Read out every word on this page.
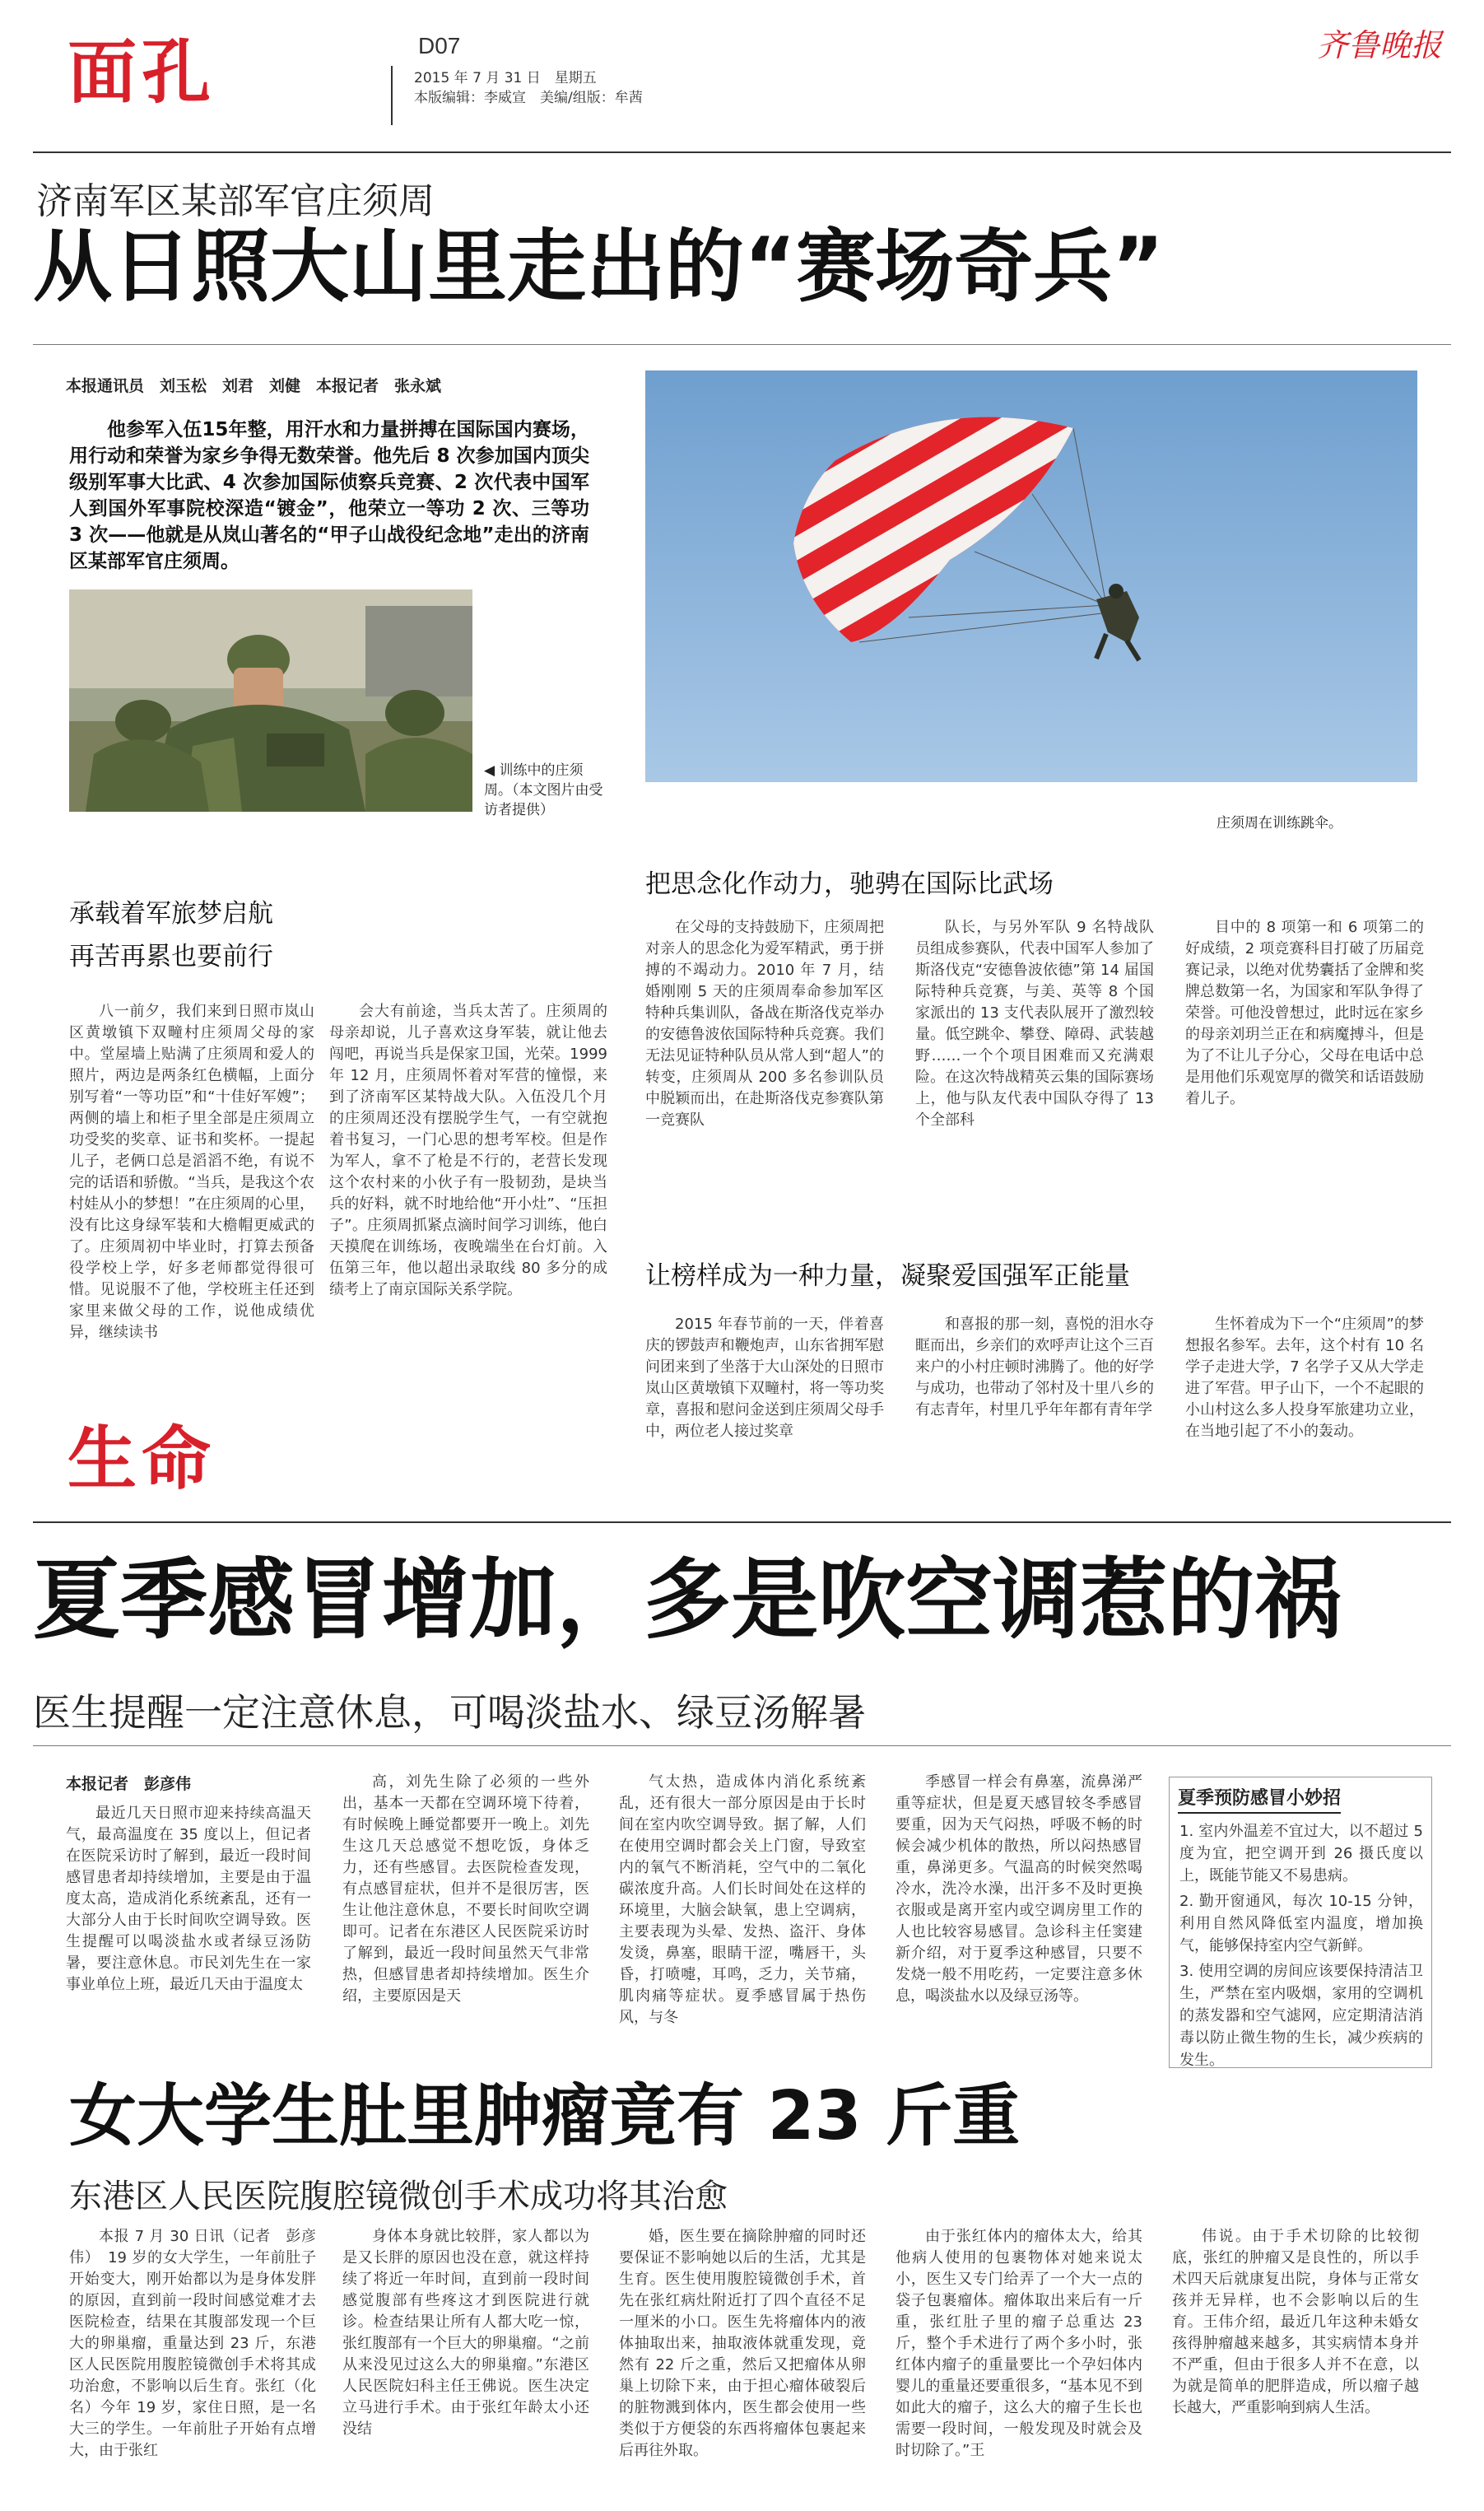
面孔	D07
2015 年 7 月 31 日　星期五
本版编辑：李威宣　美编/组版：牟茜
齐鲁晚报
济南军区某部军官庄须周
从日照大山里走出的“赛场奇兵”
本报通讯员　刘玉松　刘君　刘健　本报记者　张永斌
他参军入伍15年整，用汗水和力量拼搏在国际国内赛场，用行动和荣誉为家乡争得无数荣誉。他先后 8 次参加国内顶尖级别军事大比武、4 次参加国际侦察兵竞赛、2 次代表中国军人到国外军事院校深造“镀金”，他荣立一等功 2 次、三等功 3 次——他就是从岚山著名的“甲子山战役纪念地”走出的济南区某部军官庄须周。
◀ 训练中的庄须周。（本文图片由受访者提供）
庄须周在训练跳伞。
承载着军旅梦启航
再苦再累也要前行
八一前夕，我们来到日照市岚山区黄墩镇下双疃村庄须周父母的家中。堂屋墙上贴满了庄须周和爱人的照片，两边是两条红色横幅，上面分别写着“一等功臣”和“十佳好军嫂”；两侧的墙上和柜子里全部是庄须周立功受奖的奖章、证书和奖杯。一提起儿子，老俩口总是滔滔不绝，有说不完的话语和骄傲。“当兵，是我这个农村娃从小的梦想！”在庄须周的心里，没有比这身绿军装和大檐帽更威武的了。庄须周初中毕业时，打算去预备役学校上学，好多老师都觉得很可惜。见说服不了他，学校班主任还到家里来做父母的工作，说他成绩优异，继续读书
会大有前途，当兵太苦了。庄须周的母亲却说，儿子喜欢这身军装，就让他去闯吧，再说当兵是保家卫国，光荣。1999 年 12 月，庄须周怀着对军营的憧憬，来到了济南军区某特战大队。入伍没几个月的庄须周还没有摆脱学生气，一有空就抱着书复习，一门心思的想考军校。但是作为军人，拿不了枪是不行的，老营长发现这个农村来的小伙子有一股韧劲，是块当兵的好料，就不时地给他“开小灶”、“压担子”。庄须周抓紧点滴时间学习训练，他白天摸爬在训练场，夜晚端坐在台灯前。入伍第三年，他以超出录取线 80 多分的成绩考上了南京国际关系学院。
把思念化作动力，驰骋在国际比武场
在父母的支持鼓励下，庄须周把对亲人的思念化为爱军精武，勇于拼搏的不竭动力。2010 年 7 月，结婚刚刚 5 天的庄须周奉命参加军区特种兵集训队，备战在斯洛伐克举办的安德鲁波依国际特种兵竞赛。我们无法见证特种队员从常人到“超人”的转变，庄须周从 200 多名参训队员中脱颖而出，在赴斯洛伐克参赛队第一竞赛队
队长，与另外军队 9 名特战队员组成参赛队，代表中国军人参加了斯洛伐克“安德鲁波依德”第 14 届国际特种兵竞赛，与美、英等 8 个国家派出的 13 支代表队展开了激烈较量。低空跳伞、攀登、障碍、武装越野……一个个项目困难而又充满艰险。在这次特战精英云集的国际赛场上，他与队友代表中国队夺得了 13 个全部科
目中的 8 项第一和 6 项第二的好成绩，2 项竞赛科目打破了历届竞赛记录，以绝对优势囊括了金牌和奖牌总数第一名，为国家和军队争得了荣誉。可他没曾想过，此时远在家乡的母亲刘玥兰正在和病魔搏斗，但是为了不让儿子分心，父母在电话中总是用他们乐观宽厚的微笑和话语鼓励着儿子。
让榜样成为一种力量，凝聚爱国强军正能量
2015 年春节前的一天，伴着喜庆的锣鼓声和鞭炮声，山东省拥军慰问团来到了坐落于大山深处的日照市岚山区黄墩镇下双疃村，将一等功奖章，喜报和慰问金送到庄须周父母手中，两位老人接过奖章
和喜报的那一刻，喜悦的泪水夺眶而出，乡亲们的欢呼声让这个三百来户的小村庄顿时沸腾了。他的好学与成功，也带动了邻村及十里八乡的有志青年，村里几乎年年都有青年学
生怀着成为下一个“庄须周”的梦想报名参军。去年，这个村有 10 名学子走进大学，7 名学子又从大学走进了军营。甲子山下，一个不起眼的小山村这么多人投身军旅建功立业，在当地引起了不小的轰动。
生命
夏季感冒增加，多是吹空调惹的祸
医生提醒一定注意休息，可喝淡盐水、绿豆汤解暑
本报记者　彭彦伟
最近几天日照市迎来持续高温天气，最高温度在 35 度以上，但记者在医院采访时了解到，最近一段时间感冒患者却持续增加，主要是由于温度太高，造成消化系统紊乱，还有一大部分人由于长时间吹空调导致。医生提醒可以喝淡盐水或者绿豆汤防暑，要注意休息。市民刘先生在一家事业单位上班，最近几天由于温度太
高，刘先生除了必须的一些外出，基本一天都在空调环境下待着，有时候晚上睡觉都要开一晚上。刘先生这几天总感觉不想吃饭，身体乏力，还有些感冒。去医院检查发现，有点感冒症状，但并不是很厉害，医生让他注意休息，不要长时间吹空调即可。记者在东港区人民医院采访时了解到，最近一段时间虽然天气非常热，但感冒患者却持续增加。医生介绍，主要原因是天
气太热，造成体内消化系统紊乱，还有很大一部分原因是由于长时间在室内吹空调导致。据了解，人们在使用空调时都会关上门窗，导致室内的氧气不断消耗，空气中的二氧化碳浓度升高。人们长时间处在这样的环境里，大脑会缺氧，患上空调病，主要表现为头晕、发热、盗汗、身体发烫，鼻塞，眼睛干涩，嘴唇干，头昏，打喷嚏，耳鸣，乏力，关节痛，肌肉痛等症状。夏季感冒属于热伤风，与冬
季感冒一样会有鼻塞，流鼻涕严重等症状，但是夏天感冒较冬季感冒要重，因为天气闷热，呼吸不畅的时候会减少机体的散热，所以闷热感冒重，鼻涕更多。气温高的时候突然喝冷水，洗冷水澡，出汗多不及时更换衣服或是离开室内或空调房里工作的人也比较容易感冒。急诊科主任窦建新介绍，对于夏季这种感冒，只要不发烧一般不用吃药，一定要注意多休息，喝淡盐水以及绿豆汤等。
夏季预防感冒小妙招
1. 室内外温差不宜过大，以不超过 5 度为宜，把空调开到 26 摄氏度以上，既能节能又不易患病。
2. 勤开窗通风，每次 10-15 分钟，利用自然风降低室内温度，增加换气，能够保持室内空气新鲜。
3. 使用空调的房间应该要保持清洁卫生，严禁在室内吸烟，家用的空调机的蒸发器和空气滤网，应定期清洁消毒以防止微生物的生长，减少疾病的发生。
女大学生肚里肿瘤竟有 23 斤重
东港区人民医院腹腔镜微创手术成功将其治愈
本报 7 月 30 日讯（记者　彭彦伟）　19 岁的女大学生，一年前肚子开始变大，刚开始都以为是身体发胖的原因，直到前一段时间感觉难才去医院检查，结果在其腹部发现一个巨大的卵巢瘤，重量达到 23 斤，东港区人民医院用腹腔镜微创手术将其成功治愈，不影响以后生育。张红（化名）今年 19 岁，家住日照，是一名大三的学生。一年前肚子开始有点增大，由于张红
身体本身就比较胖，家人都以为是又长胖的原因也没在意，就这样持续了将近一年时间，直到前一段时间感觉腹部有些疼这才到医院进行就诊。检查结果让所有人都大吃一惊，张红腹部有一个巨大的卵巢瘤。“之前从来没见过这么大的卵巢瘤。”东港区人民医院妇科主任王佛说。医生决定立马进行手术。由于张红年龄太小还没结
婚，医生要在摘除肿瘤的同时还要保证不影响她以后的生活，尤其是生育。医生使用腹腔镜微创手术，首先在张红病灶附近打了四个直径不足一厘米的小口。医生先将瘤体内的液体抽取出来，抽取液体就重发现，竟然有 22 斤之重，然后又把瘤体从卵巢上切除下来，由于担心瘤体破裂后的脏物溅到体内，医生都会使用一些类似于方便袋的东西将瘤体包裹起来后再往外取。
由于张红体内的瘤体太大，给其他病人使用的包裹物体对她来说太小，医生又专门给弄了一个大一点的袋子包裹瘤体。瘤体取出来后有一斤重，张红肚子里的瘤子总重达 23 斤，整个手术进行了两个多小时，张红体内瘤子的重量要比一个孕妇体内婴儿的重量还要重很多，“基本见不到如此大的瘤子，这么大的瘤子生长也需要一段时间，一般发现及时就会及时切除了。”王
伟说。由于手术切除的比较彻底，张红的肿瘤又是良性的，所以手术四天后就康复出院，身体与正常女孩并无异样，也不会影响以后的生育。王伟介绍，最近几年这种未婚女孩得肿瘤越来越多，其实病情本身并不严重，但由于很多人并不在意，以为就是简单的肥胖造成，所以瘤子越长越大，严重影响到病人生活。
